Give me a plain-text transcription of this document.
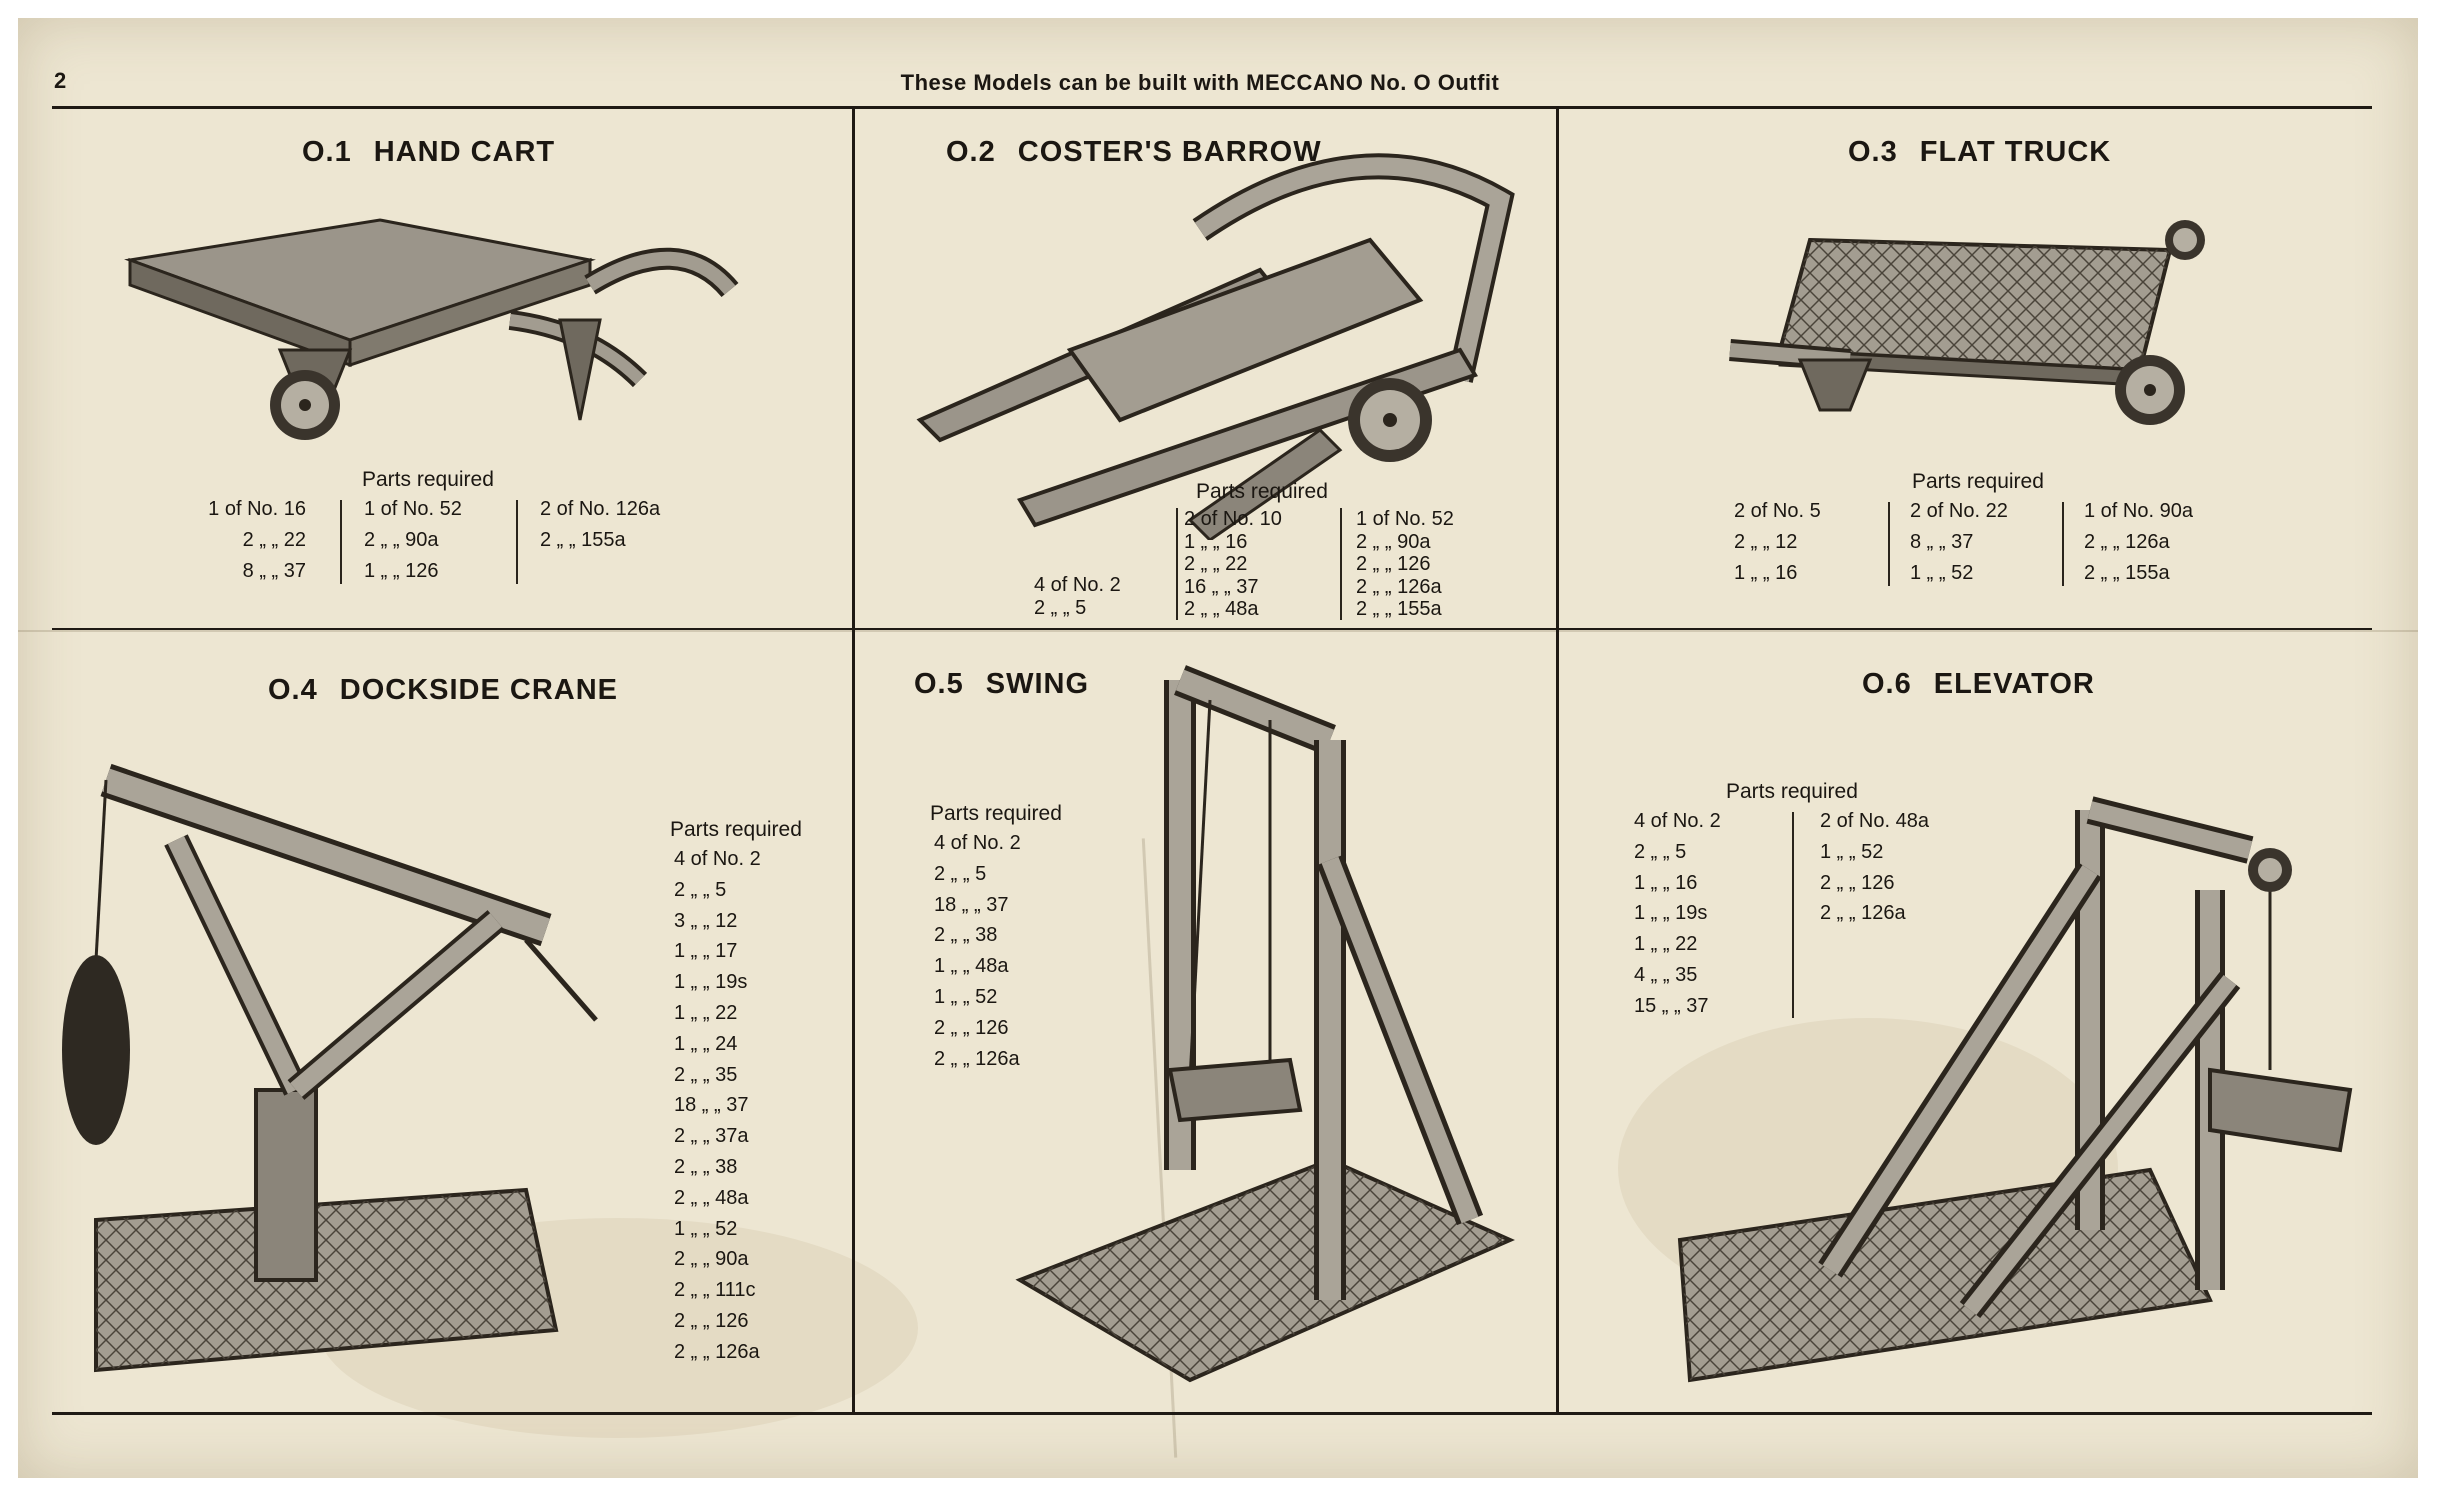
2	These Models can be built with MECCANO No. O Outfit
O.1 HAND CART
Parts required
1 of No. 16
2 „ „ 22
8 „ „ 37
1 of No. 52
2 „ „ 90a
1 „ „ 126
2 of No. 126a
2 „ „ 155a
O.2 COSTER'S BARROW
Parts required
4 of No. 2
2 „ „ 5
2 of No. 10
1 „ „ 16
2 „ „ 22
16 „ „ 37
2 „ „ 48a
1 of No. 52
2 „ „ 90a
2 „ „ 126
2 „ „ 126a
2 „ „ 155a
O.3 FLAT TRUCK
Parts required
2 of No. 5
2 „ „ 12
1 „ „ 16
2 of No. 22
8 „ „ 37
1 „ „ 52
1 of No. 90a
2 „ „ 126a
2 „ „ 155a
O.4 DOCKSIDE CRANE
Parts required
4 of No. 2
2 „ „ 5
3 „ „ 12
1 „ „ 17
1 „ „ 19s
1 „ „ 22
1 „ „ 24
2 „ „ 35
18 „ „ 37
2 „ „ 37a
2 „ „ 38
2 „ „ 48a
1 „ „ 52
2 „ „ 90a
2 „ „ 111c
2 „ „ 126
2 „ „ 126a
O.5 SWING
Parts required
4 of No. 2
2 „ „ 5
18 „ „ 37
2 „ „ 38
1 „ „ 48a
1 „ „ 52
2 „ „ 126
2 „ „ 126a
O.6 ELEVATOR
Parts required
4 of No. 2
2 „ „ 5
1 „ „ 16
1 „ „ 19s
1 „ „ 22
4 „ „ 35
15 „ „ 37
2 of No. 48a
1 „ „ 52
2 „ „ 126
2 „ „ 126a
